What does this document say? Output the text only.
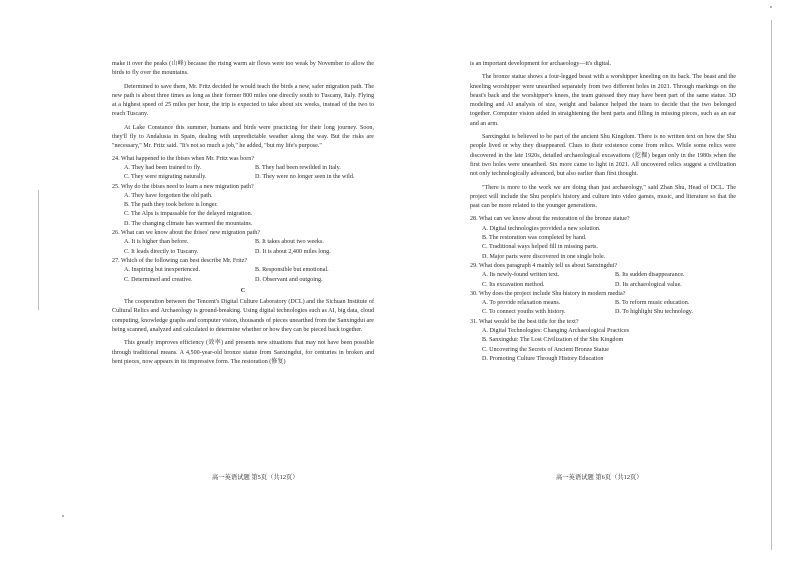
make it over the peaks (山峰) because the rising warm air flows were too weak by November to allow the birds to fly over the mountains.

Determined to save them, Mr. Fritz decided he would teach the birds a new, safer migration path. The new path is about three times as long as their former 800 miles one directly south to Tuscany, Italy. Flying at a highest speed of 25 miles per hour, the trip is expected to take about six weeks, instead of the two to reach Tuscany.

At Lake Constance this summer, humans and birds were practicing for their long journey. Soon, they'll fly to Andalusia in Spain, dealing with unpredictable weather along the way. But the risks are "necessary," Mr. Fritz said. "It's not so much a job," he added, "but my life's purpose."

24. What happened to the ibises when Mr. Fritz was born?
A. They had been trained to fly.	B. They had been rewilded in Italy.
C. They were migrating naturally.	D. They were no longer seen in the wild.
25. Why do the ibises need to learn a new migration path?
A. They have forgotten the old path.
B. The path they took before is longer.
C. The Alps is impassable for the delayed migration.
D. The changing climate has warmed the mountains.
26. What can we know about the ibises' new migration path?
A. It is higher than before.	B. It takes about two weeks.
C. It leads directly to Tuscany.	D. It is about 2,400 miles long.
27. Which of the following can best describe Mr. Fritz?
A. Inspiring but inexperienced.	B. Responsible but emotional.
C. Determined and creative.	D. Observant and outgoing.
C

The cooperation between the Tencent's Digital Culture Laboratory (DCL) and the Sichuan Institute of Cultural Relics and Archaeology is ground-breaking. Using digital technologies such as AI, big data, cloud computing, knowledge graphs and computer vision, thousands of pieces unearthed from the Sanxingdui are being scanned, analyzed and calculated to determine whether or how they can be pieced back together.

This greatly improves efficiency (效率) and presents new situations that may not have been possible through traditional means. A 4,500-year-old bronze statue from Sanxingdui, for centuries in broken and bent pieces, now appears in its impressive form. The restoration (修复)

高一英语试题 第5页（共12页）

is an important development for archaeology—it's digital.

The bronze statue shows a four-legged beast with a worshipper kneeling on its back. The beast and the kneeling worshipper were unearthed separately from two different holes in 2021. Through markings on the beast's back and the worshipper's knees, the team guessed they may have been part of the same statue. 3D modeling and AI analysis of size, weight and balance helped the team to decide that the two belonged together. Computer vision aided in straightening the bent parts and filling in missing pieces, such as an ear and an arm.

Sanxingdui is believed to be part of the ancient Shu Kingdom. There is no written text on how the Shu people lived or why they disappeared. Clues to their existence come from relics. While some relics were discovered in the late 1920s, detailed archaeological excavations (挖掘) began only in the 1980s when the first two holes were unearthed. Six more came to light in 2021. All uncovered relics suggest a civilization not only technologically advanced, but also earlier than first thought.

"There is more to the work we are doing than just archaeology," said Zhan Shu, Head of DCL. The project will include the Shu people's history and culture into video games, music, and literature so that the past can be more related to the younger generations.

28. What can we know about the restoration of the bronze statue?
A. Digital technologies provided a new solution.
B. The restoration was completed by hand.
C. Traditional ways helped fill in missing parts.
D. Major parts were discovered in one single hole.
29. What does paragraph 4 mainly tell us about Sanxingdui?
A. Its newly-found written text.	B. Its sudden disappearance.
C. Its excavation method.	D. Its archaeological value.
30. Why does the project include Shu history in modern media?
A. To provide relaxation means.	B. To reform music education.
C. To connect youths with history.	D. To highlight Shu technology.
31. What would be the best title for the text?
A. Digital Technologies: Changing Archaeological Practices
B. Sanxingdui: The Lost Civilization of the Shu Kingdom
C. Uncovering the Secrets of Ancient Bronze Statue
D. Promoting Culture Through History Education
高一英语试题 第6页（共12页）
